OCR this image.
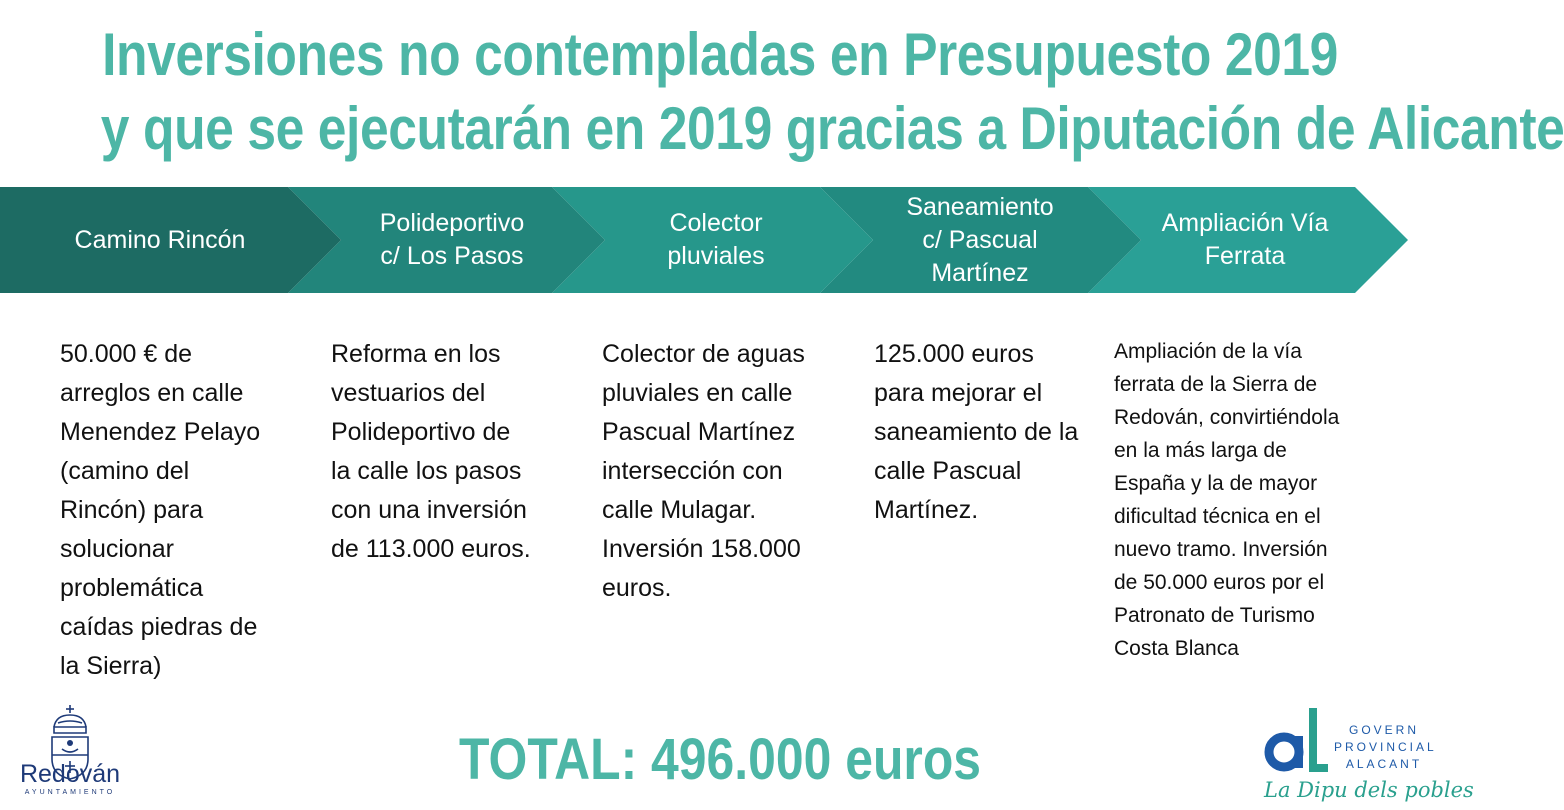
Inversiones no contempladas en Presupuesto 2019
y que se ejecutarán en 2019 gracias a Diputación de Alicante
Camino Rincón
Polideportivo
c/ Los Pasos
Colector
pluviales
Saneamiento
c/ Pascual
Martínez
Ampliación Vía
Ferrata
50.000 € de
arreglos en calle
Menendez Pelayo
(camino del
Rincón) para
solucionar
problemática
caídas piedras de
la Sierra)
Reforma en los
vestuarios del
Polideportivo de
la calle los pasos
con una inversión
de 113.000 euros.
Colector de aguas
pluviales en calle
Pascual Martínez
intersección con
calle Mulagar.
Inversión 158.000
euros.
125.000 euros
para mejorar el
saneamiento de la
calle Pascual
Martínez.
Ampliación de la vía
ferrata de la Sierra de
Redován, convirtiéndola
en la más larga de
España y la de mayor
dificultad técnica en el
nuevo tramo. Inversión
de 50.000 euros por el
Patronato de Turismo
Costa Blanca
TOTAL: 496.000 euros
Redován
AYUNTAMIENTO
GOVERN
PROVINCIAL
ALACANT
La Dipu dels pobles
